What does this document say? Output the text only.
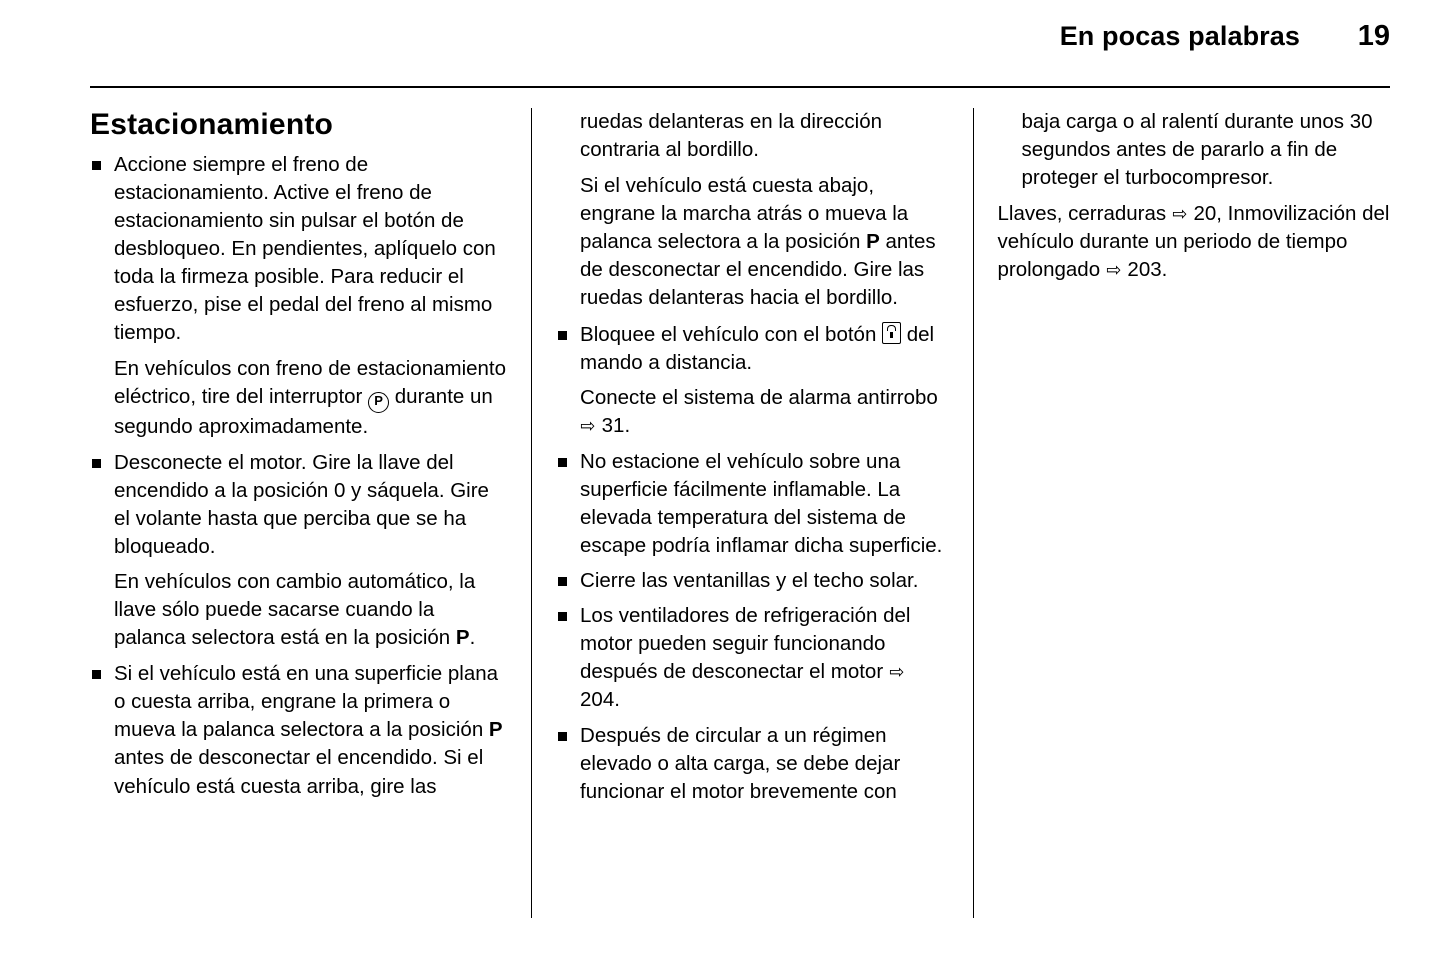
En pocas palabras	19
Estacionamiento
Accione siempre el freno de estacionamiento. Active el freno de estacionamiento sin pulsar el botón de desbloqueo. En pendientes, aplíquelo con toda la firmeza posible. Para reducir el esfuerzo, pise el pedal del freno al mismo tiempo.

En vehículos con freno de estacionamiento eléctrico, tire del interruptor P durante un segundo aproximadamente.

Desconecte el motor. Gire la llave del encendido a la posición 0 y sáquela. Gire el volante hasta que perciba que se ha bloqueado.

En vehículos con cambio automático, la llave sólo puede sacarse cuando la palanca selectora está en la posición P.

Si el vehículo está en una superficie plana o cuesta arriba, engrane la primera o mueva la palanca selectora a la posición P antes de desconectar el encendido. Si el vehículo está cuesta arriba, gire las

ruedas delanteras en la dirección contraria al bordillo.

Si el vehículo está cuesta abajo, engrane la marcha atrás o mueva la palanca selectora a la posición P antes de desconectar el encendido. Gire las ruedas delanteras hacia el bordillo.

Bloquee el vehículo con el botón  del mando a distancia.

Conecte el sistema de alarma antirrobo ⇨ 31.

No estacione el vehículo sobre una superficie fácilmente inflamable. La elevada temperatura del sistema de escape podría inflamar dicha superficie.
Cierre las ventanillas y el techo solar.
Los ventiladores de refrigeración del motor pueden seguir funcionando después de desconectar el motor ⇨ 204.
Después de circular a un régimen elevado o alta carga, se debe dejar funcionar el motor brevemente con

baja carga o al ralentí durante unos 30 segundos antes de pararlo a fin de proteger el turbocompresor.

Llaves, cerraduras ⇨ 20, Inmovilización del vehículo durante un periodo de tiempo prolongado ⇨ 203.
